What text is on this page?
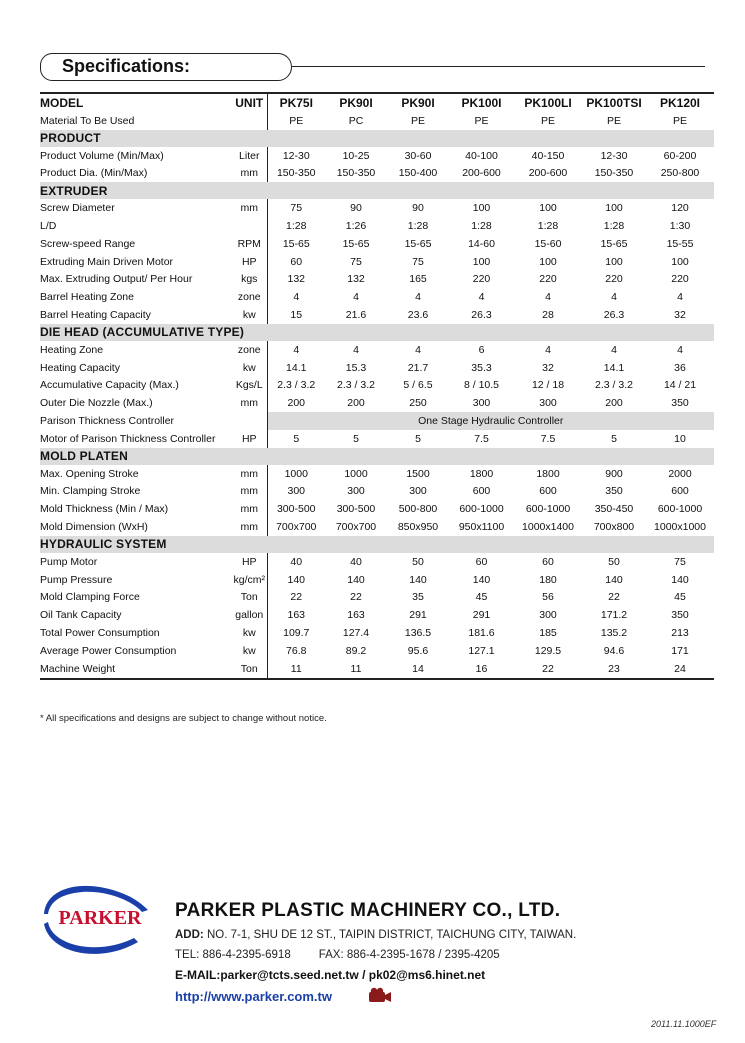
Specifications:
MODEL	UNIT	PK75I	PK90I	PK90I	PK100I	PK100LI	PK100TSI	PK120I
Material To Be Used		PE	PC	PE	PE	PE	PE	PE
PRODUCT								
Product Volume (Min/Max)	Liter	12-30	10-25	30-60	40-100	40-150	12-30	60-200
Product Dia. (Min/Max)	mm	150-350	150-350	150-400	200-600	200-600	150-350	250-800
EXTRUDER								
Screw Diameter	mm	75	90	90	100	100	100	120
L/D		1:28	1:26	1:28	1:28	1:28	1:28	1:30
Screw-speed Range	RPM	15-65	15-65	15-65	14-60	15-60	15-65	15-55
Extruding Main Driven Motor	HP	60	75	75	100	100	100	100
Max. Extruding Output/ Per Hour	kgs	132	132	165	220	220	220	220
Barrel Heating Zone	zone	4	4	4	4	4	4	4
Barrel Heating Capacity	kw	15	21.6	23.6	26.3	28	26.3	32
DIE HEAD (ACCUMULATIVE TYPE)								
Heating Zone	zone	4	4	4	6	4	4	4
Heating Capacity	kw	14.1	15.3	21.7	35.3	32	14.1	36
Accumulative Capacity (Max.)	Kgs/L	2.3 / 3.2	2.3 / 3.2	5 / 6.5	8 / 10.5	12 / 18	2.3 / 3.2	14 / 21
Outer Die Nozzle (Max.)	mm	200	200	250	300	300	200	350
Parison Thickness Controller		One Stage Hydraulic Controller						
Motor of Parison Thickness Controller	HP	5	5	5	7.5	7.5	5	10
MOLD PLATEN								
Max. Opening Stroke	mm	1000	1000	1500	1800	1800	900	2000
Min. Clamping Stroke	mm	300	300	300	600	600	350	600
Mold Thickness (Min / Max)	mm	300-500	300-500	500-800	600-1000	600-1000	350-450	600-1000
Mold Dimension (WxH)	mm	700x700	700x700	850x950	950x1100	1000x1400	700x800	1000x1000
HYDRAULIC SYSTEM								
Pump Motor	HP	40	40	50	60	60	50	75
Pump Pressure	kg/cm²	140	140	140	140	180	140	140
Mold Clamping Force	Ton	22	22	35	45	56	22	45
Oil Tank Capacity	gallon	163	163	291	291	300	171.2	350
Total Power Consumption	kw	109.7	127.4	136.5	181.6	185	135.2	213
Average Power Consumption	kw	76.8	89.2	95.6	127.1	129.5	94.6	171
Machine Weight	Ton	11	11	14	16	22	23	24
* All specifications and designs are subject to change without notice.
PARKER PARKER PLASTIC MACHINERY CO., LTD.
ADD: NO. 7-1, SHU DE 12 ST., TAIPIN DISTRICT, TAICHUNG CITY, TAIWAN.
TEL: 886-4-2395-6918 FAX: 886-4-2395-1678 / 2395-4205
E-MAIL:parker@tcts.seed.net.tw / pk02@ms6.hinet.net
http://www.parker.com.tw
2011.11.1000EF
